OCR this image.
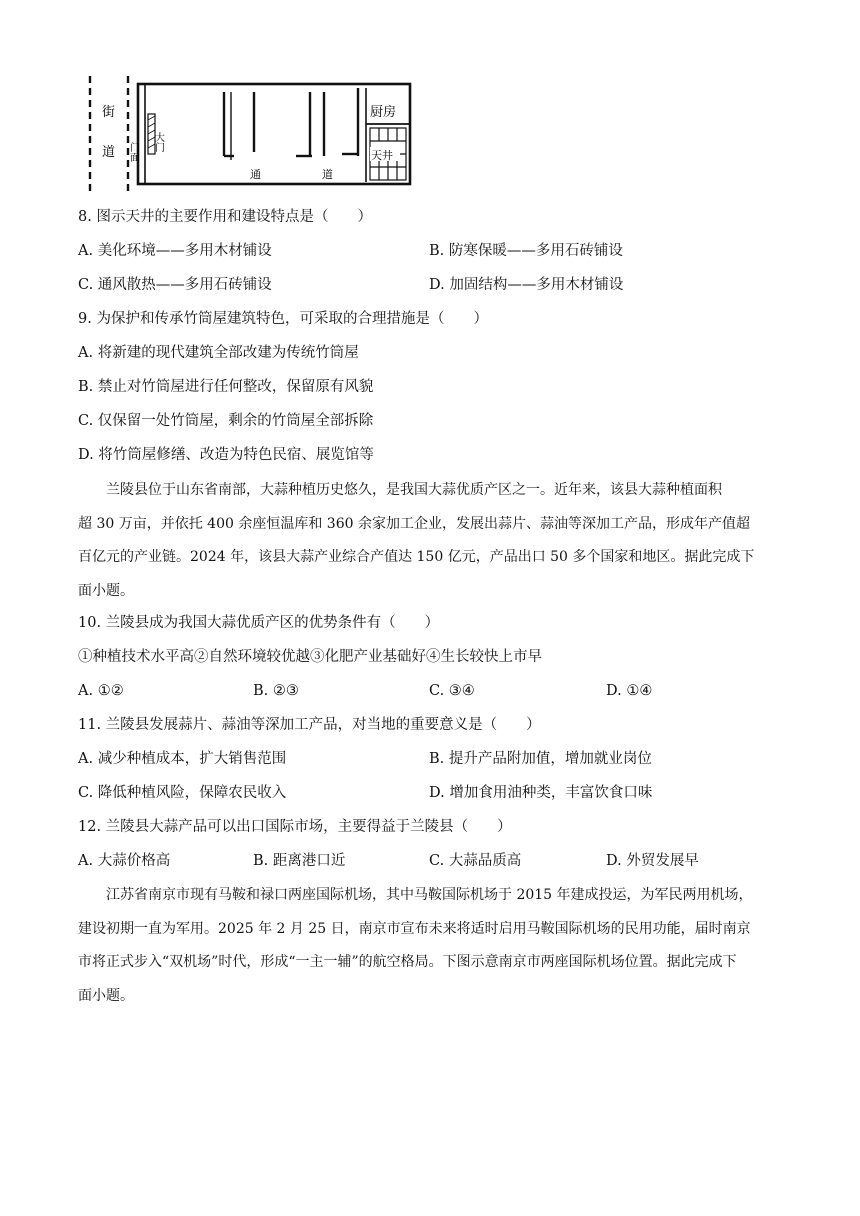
街
道 门面 大门
通	道
厨房
天井
8. 图示天井的主要作用和建设特点是（　　）
A. 美化环境——多用木材铺设	B. 防寒保暖——多用石砖铺设
C. 通风散热——多用石砖铺设	D. 加固结构——多用木材铺设
9. 为保护和传承竹筒屋建筑特色，可采取的合理措施是（　　）
A. 将新建的现代建筑全部改建为传统竹筒屋
B. 禁止对竹筒屋进行任何整改，保留原有风貌
C. 仅保留一处竹筒屋，剩余的竹筒屋全部拆除
D. 将竹筒屋修缮、改造为特色民宿、展览馆等
兰陵县位于山东省南部，大蒜种植历史悠久，是我国大蒜优质产区之一。近年来，该县大蒜种植面积
超 30 万亩，并依托 400 余座恒温库和 360 余家加工企业，发展出蒜片、蒜油等深加工产品，形成年产值超
百亿元的产业链。2024 年，该县大蒜产业综合产值达 150 亿元，产品出口 50 多个国家和地区。据此完成下
面小题。
10. 兰陵县成为我国大蒜优质产区的优势条件有（　　）
①种植技术水平高②自然环境较优越③化肥产业基础好④生长较快上市早
A. ①②	B. ②③	C. ③④	D. ①④
11. 兰陵县发展蒜片、蒜油等深加工产品，对当地的重要意义是（　　）
A. 减少种植成本，扩大销售范围	B. 提升产品附加值，增加就业岗位
C. 降低种植风险，保障农民收入	D. 增加食用油种类，丰富饮食口味
12. 兰陵县大蒜产品可以出口国际市场，主要得益于兰陵县（　　）
A. 大蒜价格高	B. 距离港口近	C. 大蒜品质高	D. 外贸发展早
江苏省南京市现有马鞍和禄口两座国际机场，其中马鞍国际机场于 2015 年建成投运，为军民两用机场，
建设初期一直为军用。2025 年 2 月 25 日，南京市宣布未来将适时启用马鞍国际机场的民用功能，届时南京
市将正式步入“双机场”时代，形成“一主一辅”的航空格局。下图示意南京市两座国际机场位置。据此完成下
面小题。
